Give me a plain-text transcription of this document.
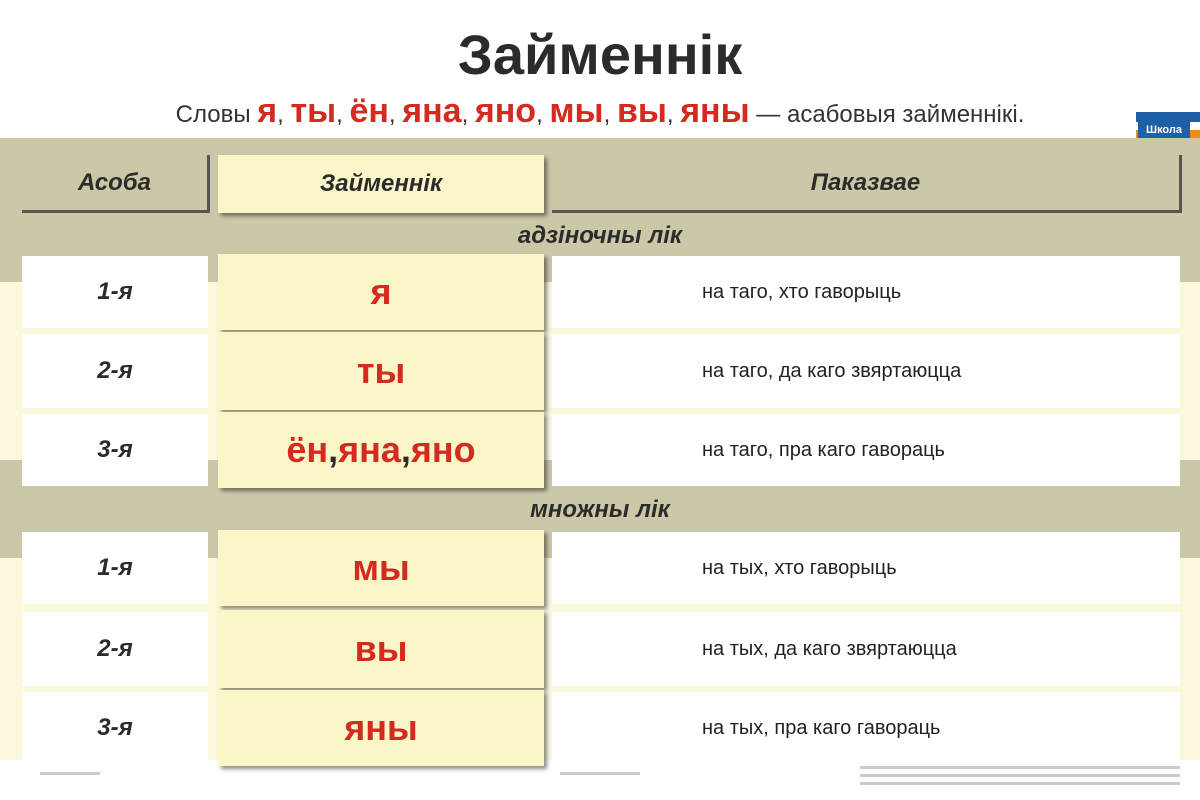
Займеннік
Словы я, ты, ён, яна, яно, мы, вы, яны — асабовыя займеннікі.
Школа
Асоба	Займеннік	Паказвае
адзіночны лік
1-я	я	на таго, хто гаворыць
2-я	ты	на таго, да каго звяртаюцца
3-я	ён , яна , яно	на таго, пра каго гавораць
множны лік
1-я	мы	на тых, хто гаворыць
2-я	вы	на тых, да каго звяртаюцца
3-я	яны	на тых, пра каго гавораць
